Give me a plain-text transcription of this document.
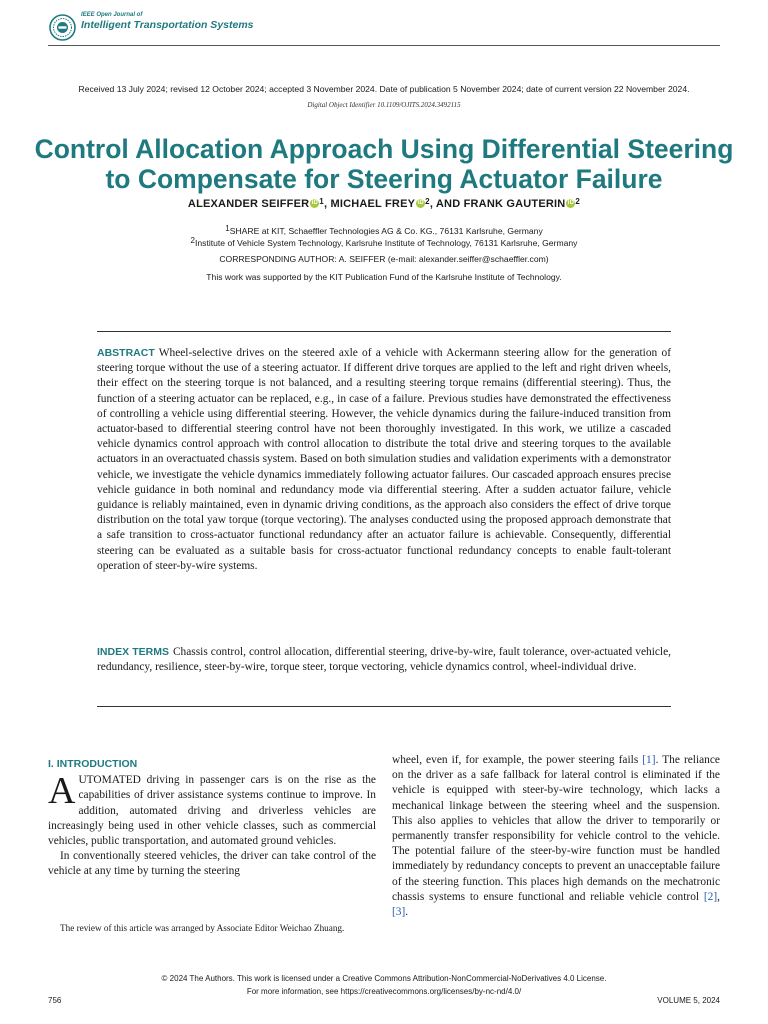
IEEE Open Journal of
Intelligent Transportation Systems
Received 13 July 2024; revised 12 October 2024; accepted 3 November 2024. Date of publication 5 November 2024; date of current version 22 November 2024.
Digital Object Identifier 10.1109/OJITS.2024.3492115
Control Allocation Approach Using Differential Steering to Compensate for Steering Actuator Failure
ALEXANDER SEIFFER $iD^1$, MICHAEL FREY $iD^2$, AND FRANK GAUTERIN $iD^2$
1SHARE at KIT, Schaeffler Technologies AG & Co. KG., 76131 Karlsruhe, Germany
2Institute of Vehicle System Technology, Karlsruhe Institute of Technology, 76131 Karlsruhe, Germany
CORRESPONDING AUTHOR: A. SEIFFER (e-mail: alexander.seiffer@schaeffler.com)
This work was supported by the KIT Publication Fund of the Karlsruhe Institute of Technology.
ABSTRACT Wheel-selective drives on the steered axle of a vehicle with Ackermann steering allow for the generation of steering torque without the use of a steering actuator. If different drive torques are applied to the left and right driven wheels, their effect on the steering torque is not balanced, and a resulting steering torque remains (differential steering). Thus, the function of a steering actuator can be replaced, e.g., in case of a failure. Previous studies have demonstrated the effectiveness of controlling a vehicle using differential steering. However, the vehicle dynamics during the failure-induced transition from actuator-based to differential steering control have not been thoroughly investigated. In this work, we utilize a cascaded vehicle dynamics control approach with control allocation to distribute the total drive and steering torques to the available actuators in an overactuated chassis system. Based on both simulation studies and validation experiments with a demonstrator vehicle, we investigate the vehicle dynamics immediately following actuator failures. Our cascaded approach ensures precise vehicle guidance in both nominal and redundancy mode via differential steering. After a sudden actuator failure, vehicle guidance is reliably maintained, even in dynamic driving conditions, as the approach also considers the effect of drive torque distribution on the total yaw torque (torque vectoring). The analyses conducted using the proposed approach demonstrate that a safe transition to cross-actuator functional redundancy after an actuator failure is achievable. Consequently, differential steering can be evaluated as a suitable basis for cross-actuator functional redundancy concepts to enable fault-tolerant operation of steer-by-wire systems.
INDEX TERMS Chassis control, control allocation, differential steering, drive-by-wire, fault tolerance, over-actuated vehicle, redundancy, resilience, steer-by-wire, torque steer, torque vectoring, vehicle dynamics control, wheel-individual drive.
I. INTRODUCTION
AUTOMATED driving in passenger cars is on the rise as the capabilities of driver assistance systems continue to improve. In addition, automated driving and driverless vehicles are increasingly being used in other vehicle classes, such as commercial vehicles, public transportation, and automated ground vehicles.
In conventionally steered vehicles, the driver can take control of the vehicle at any time by turning the steering
wheel, even if, for example, the power steering fails [1]. The reliance on the driver as a safe fallback for lateral control is eliminated if the vehicle is equipped with steer-by-wire technology, which lacks a mechanical linkage between the steering wheel and the suspension. This also applies to vehicles that allow the driver to temporarily or permanently transfer responsibility for vehicle control to the vehicle. The potential failure of the steer-by-wire function must be handled immediately by redundancy concepts to prevent an unacceptable failure of the steering function. This places high demands on the mechatronic chassis systems to ensure functional and reliable vehicle control [2], [3].
The review of this article was arranged by Associate Editor Weichao Zhuang.
© 2024 The Authors. This work is licensed under a Creative Commons Attribution-NonCommercial-NoDerivatives 4.0 License.
For more information, see https://creativecommons.org/licenses/by-nc-nd/4.0/
756	VOLUME 5, 2024
